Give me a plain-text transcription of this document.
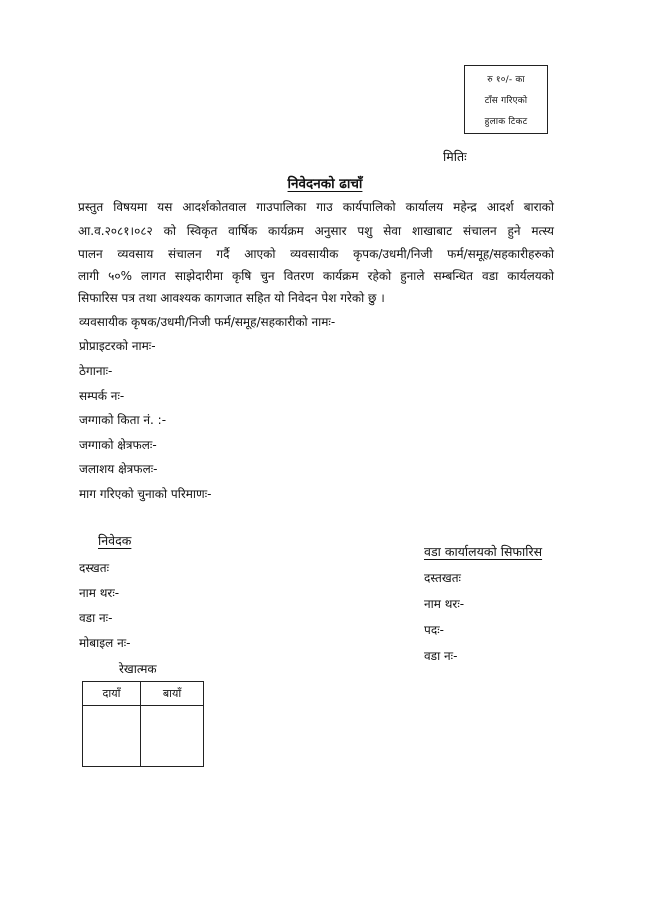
रु १०/- का
टाँस गरिएको
हुलाक टिकट
मितिः
निवेदनको ढाचाँ
प्रस्तुत विषयमा यस आदर्शकोतवाल गाउपालिका गाउ कार्यपालिको कार्यालय महेन्द्र आदर्श बाराको
आ.व.२०८१।०८२ को स्विकृत वार्षिक कार्यक्रम अनुसार पशु सेवा शाखाबाट संचालन हुने मत्स्य
पालन व्यवसाय संचालन गर्दै आएको व्यवसायीक कृपक/उधमी/निजी फर्म/समूह/सहकारीहरुको
लागी ५०% लागत साझेदारीमा कृषि चुन वितरण कार्यक्रम रहेको हुनाले सम्बन्धित वडा कार्यलयको
सिफारिस पत्र तथा आवश्यक कागजात सहित यो निवेदन पेश गरेको छु ।
व्यवसायीक कृषक/उधमी/निजी फर्म/समूह/सहकारीको नामः-
प्रोप्राइटरको नामः-
ठेगानाः-
सम्पर्क नः-
जग्गाको किता नं. :-
जग्गाको क्षेत्रफलः-
जलाशय क्षेत्रफलः-
माग गरिएको चुनाको परिमाणः-
निवेदक
दस्खतः
नाम थरः-
वडा नः-
मोबाइल नः-
रेखात्मक
दायाँ	बायाँ
वडा कार्यालयको सिफारिस
दस्तखतः
नाम थरः-
पदः-
वडा नः-
